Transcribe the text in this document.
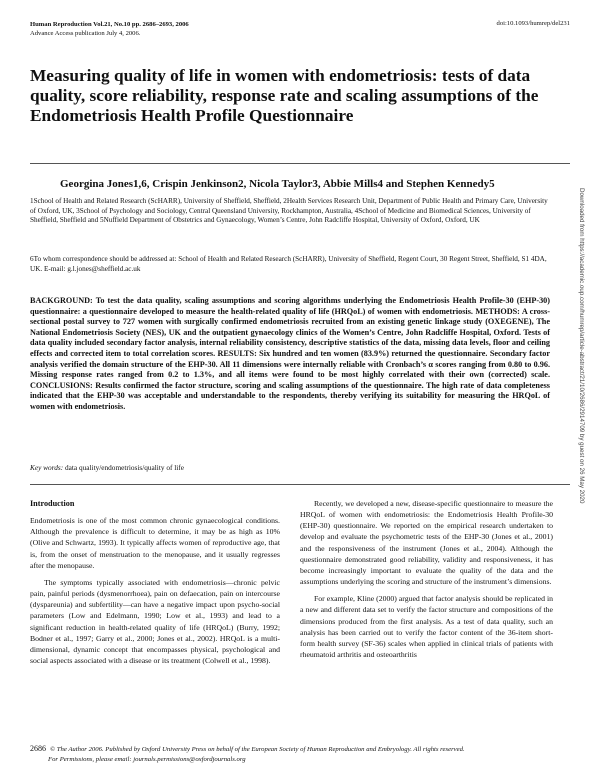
Human Reproduction Vol.21, No.10 pp. 2686–2693, 2006
Advance Access publication July 4, 2006.
doi:10.1093/humrep/del231
Measuring quality of life in women with endometriosis: tests of data quality, score reliability, response rate and scaling assumptions of the Endometriosis Health Profile Questionnaire
Georgina Jones1,6, Crispin Jenkinson2, Nicola Taylor3, Abbie Mills4 and Stephen Kennedy5
1School of Health and Related Research (ScHARR), University of Sheffield, Sheffield, 2Health Services Research Unit, Department of Public Health and Primary Care, University of Oxford, UK, 3School of Psychology and Sociology, Central Queensland University, Rockhampton, Australia, 4School of Medicine and Biomedical Sciences, University of Sheffield, Sheffield and 5Nuffield Department of Obstetrics and Gynaecology, Women’s Centre, John Radcliffe Hospital, University of Oxford, Oxford, UK
6To whom correspondence should be addressed at: School of Health and Related Research (ScHARR), University of Sheffield, Regent Court, 30 Regent Street, Sheffield, S1 4DA, UK. E-mail: g.l.jones@sheffield.ac.uk
BACKGROUND: To test the data quality, scaling assumptions and scoring algorithms underlying the Endometriosis Health Profile-30 (EHP-30) questionnaire: a questionnaire developed to measure the health-related quality of life (HRQoL) of women with endometriosis. METHODS: A cross-sectional postal survey to 727 women with surgically confirmed endometriosis recruited from an existing genetic linkage study (OXEGENE), The National Endometriosis Society (NES), UK and the outpatient gynaecology clinics of the Women’s Centre, John Radcliffe Hospital, Oxford. Tests of data quality included secondary factor analysis, internal reliability consistency, descriptive statistics of the data, missing data levels, floor and ceiling effects and corrected item to total correlation scores. RESULTS: Six hundred and ten women (83.9%) returned the questionnaire. Secondary factor analysis verified the domain structure of the EHP-30. All 11 dimensions were internally reliable with Cronbach’s α scores ranging from 0.80 to 0.96. Missing response rates ranged from 0.2 to 1.3%, and all items were found to be most highly correlated with their own (corrected) scale. CONCLUSIONS: Results confirmed the factor structure, scoring and scaling assumptions of the questionnaire. The high rate of data completeness indicated that the EHP-30 was acceptable and understandable to the respondents, thereby verifying its suitability for measuring the HRQoL of women with endometriosis.
Key words: data quality/endometriosis/quality of life
Introduction

Endometriosis is one of the most common chronic gynaecological conditions. Although the prevalence is difficult to determine, it may be as high as 10% (Olive and Schwartz, 1993). It typically affects women of reproductive age, that is, from the onset of menstruation to the menopause, and it usually regresses after the menopause.

The symptoms typically associated with endometriosis—chronic pelvic pain, painful periods (dysmenorrhoea), pain on defaecation, pain on intercourse (dyspareunia) and subfertility—can have a negative impact upon psycho-social parameters (Low and Edelmann, 1990; Low et al., 1993) and lead to a significant reduction in health-related quality of life (HRQoL) (Burry, 1992; Bodner et al., 1997; Garry et al., 2000; Jones et al., 2002). HRQoL is a multi-dimensional, dynamic concept that encompasses physical, psychological and social aspects associated with a disease or its treatment (Colwell et al., 1998).

Recently, we developed a new, disease-specific questionnaire to measure the HRQoL of women with endometriosis: the Endometriosis Health Profile-30 (EHP-30) questionnaire. We reported on the empirical research undertaken to develop and evaluate the psychometric tests of the EHP-30 (Jones et al., 2001) and the responsiveness of the instrument (Jones et al., 2004). Although the questionnaire demonstrated good reliability, validity and responsiveness, it has become increasingly important to evaluate the quality of the data and the assumptions underlying the scoring and structure of the instrument’s dimensions.

For example, Kline (2000) argued that factor analysis should be replicated in a new and different data set to verify the factor structure and compositions of the dimensions produced from the first analysis. As a test of data quality, such an analysis has been carried out to verify the factor content of the 36-item short-form health survey (SF-36) scales when applied in clinical trials of patients with rheumatoid arthritis and osteoarthritis

2686 © The Author 2006. Published by Oxford University Press on behalf of the European Society of Human Reproduction and Embryology. All rights reserved.
For Permissions, please email: journals.permissions@oxfordjournals.org
Downloaded from https://academic.oup.com/humrep/article-abstract/21/10/2686/2914709 by guest on 26 May 2020
